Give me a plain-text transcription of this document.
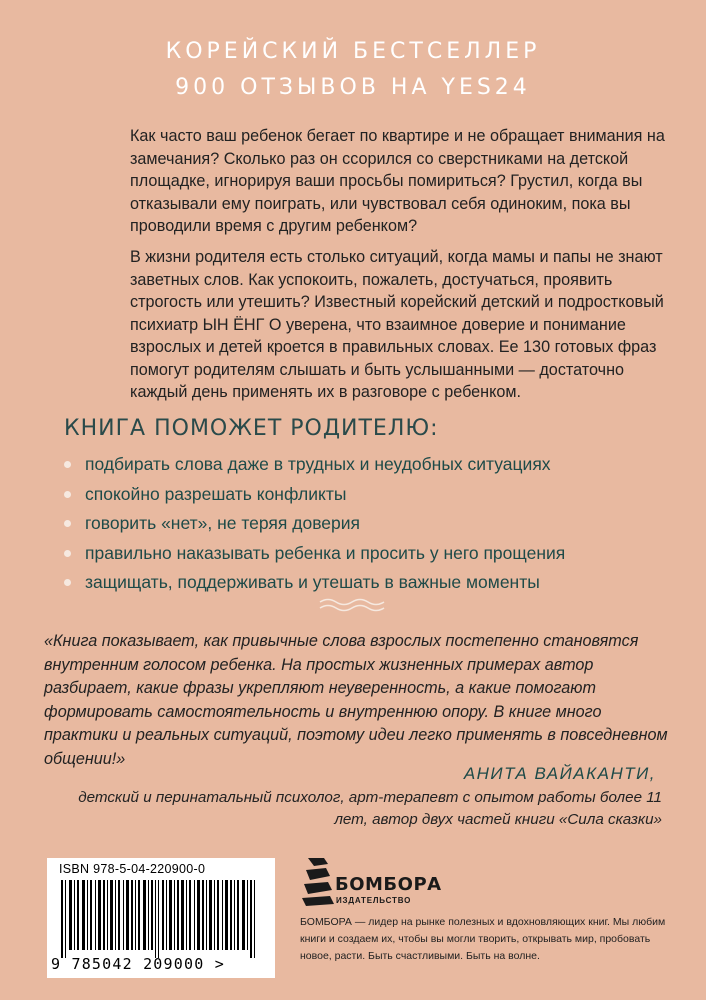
КОРЕЙСКИЙ БЕСТСЕЛЛЕР
900 ОТЗЫВОВ НА YES24

Как часто ваш ребенок бегает по квартире и не обращает внимания на замечания? Сколько раз он ссорился со сверстниками на детской площадке, игнорируя ваши просьбы помириться? Грустил, когда вы отказывали ему поиграть, или чувствовал себя одиноким, пока вы проводили время с другим ребенком?

В жизни родителя есть столько ситуаций, когда мамы и папы не знают заветных слов. Как успокоить, пожалеть, достучаться, проявить строгость или утешить? Известный корейский детский и подростковый психиатр ЫН ЁНГ О уверена, что взаимное доверие и понимание взрослых и детей кроется в правильных словах. Ее 130 готовых фраз помогут родителям слышать и быть услышанными — достаточно каждый день применять их в разговоре с ребенком.

КНИГА ПОМОЖЕТ РОДИТЕЛЮ:
подбирать слова даже в трудных и неудобных ситуациях
спокойно разрешать конфликты
говорить «нет», не теряя доверия
правильно наказывать ребенка и просить у него прощения
защищать, поддерживать и утешать в важные моменты

«Книга показывает, как привычные слова взрослых постепенно становятся внутренним голосом ребенка. На простых жизненных примерах автор разбирает, какие фразы укрепляют неуверенность, а какие помогают формировать самостоятельность и внутреннюю опору. В книге много практики и реальных ситуаций, поэтому идеи легко применять в повседневном общении!»

АНИТА ВАЙАКАНТИ,
детский и перинатальный психолог, арт-терапевт с опытом работы более 11 лет, автор двух частей книги «Сила сказки»
ISBN 978-5-04-220900-0
9 785042 209000 >
БОМБОРА
ИЗДАТЕЛЬСТВО

БОМБОРА — лидер на рынке полезных и вдохновляющих книг. Мы любим книги и создаем их, чтобы вы могли творить, открывать мир, пробовать новое, расти. Быть счастливыми. Быть на волне.
